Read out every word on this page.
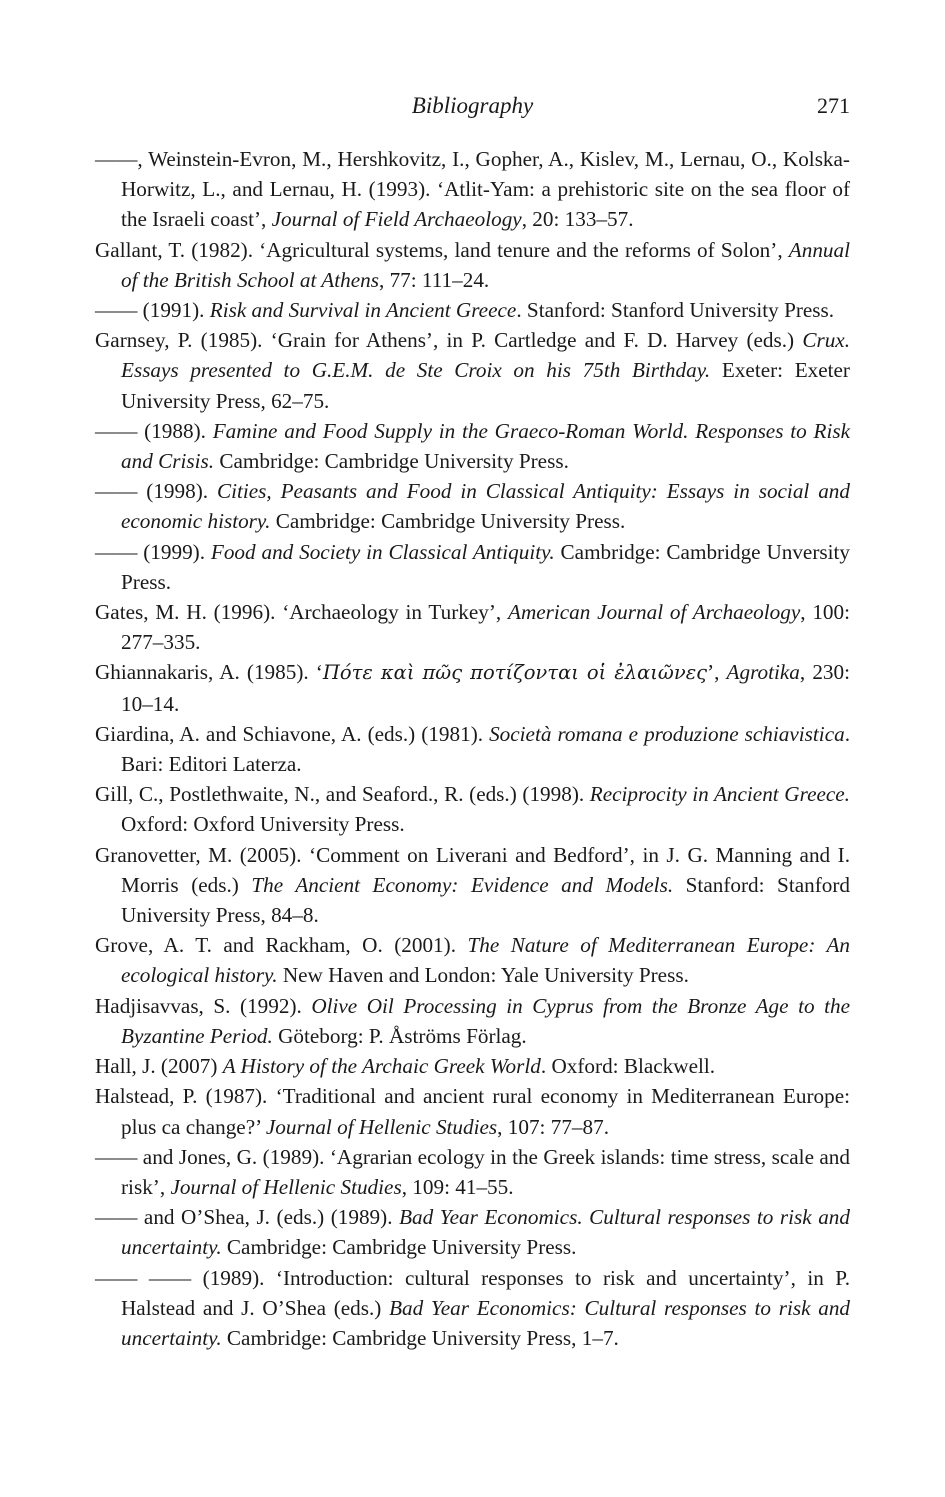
Bibliography	271

——, Weinstein-Evron, M., Hershkovitz, I., Gopher, A., Kislev, M., Lernau, O., Kolska-Horwitz, L., and Lernau, H. (1993). ‘Atlit-Yam: a prehistoric site on the sea floor of the Israeli coast’, Journal of Field Archaeology, 20: 133–57.

Gallant, T. (1982). ‘Agricultural systems, land tenure and the reforms of Solon’, Annual of the British School at Athens, 77: 111–24.

—— (1991). Risk and Survival in Ancient Greece. Stanford: Stanford University Press.

Garnsey, P. (1985). ‘Grain for Athens’, in P. Cartledge and F. D. Harvey (eds.) Crux. Essays presented to G.E.M. de Ste Croix on his 75th Birthday. Exeter: Exeter University Press, 62–75.

—— (1988). Famine and Food Supply in the Graeco-Roman World. Responses to Risk and Crisis. Cambridge: Cambridge University Press.

—— (1998). Cities, Peasants and Food in Classical Antiquity: Essays in social and economic history. Cambridge: Cambridge University Press.

—— (1999). Food and Society in Classical Antiquity. Cambridge: Cambridge Unversity Press.

Gates, M. H. (1996). ‘Archaeology in Turkey’, American Journal of Archaeology, 100: 277–335.

Ghiannakaris, A. (1985). ‘Πότε καὶ πῶς ποτίζονται οἱ ἐλαιῶνες’, Agrotika, 230: 10–14.

Giardina, A. and Schiavone, A. (eds.) (1981). Società romana e produzione schiavistica. Bari: Editori Laterza.

Gill, C., Postlethwaite, N., and Seaford., R. (eds.) (1998). Reciprocity in Ancient Greece. Oxford: Oxford University Press.

Granovetter, M. (2005). ‘Comment on Liverani and Bedford’, in J. G. Manning and I. Morris (eds.) The Ancient Economy: Evidence and Models. Stanford: Stanford University Press, 84–8.

Grove, A. T. and Rackham, O. (2001). The Nature of Mediterranean Europe: An ecological history. New Haven and London: Yale University Press.

Hadjisavvas, S. (1992). Olive Oil Processing in Cyprus from the Bronze Age to the Byzantine Period. Göteborg: P. Åströms Förlag.

Hall, J. (2007) A History of the Archaic Greek World. Oxford: Blackwell.

Halstead, P. (1987). ‘Traditional and ancient rural economy in Mediterranean Europe: plus ca change?’ Journal of Hellenic Studies, 107: 77–87.

—— and Jones, G. (1989). ‘Agrarian ecology in the Greek islands: time stress, scale and risk’, Journal of Hellenic Studies, 109: 41–55.

—— and O’Shea, J. (eds.) (1989). Bad Year Economics. Cultural responses to risk and uncertainty. Cambridge: Cambridge University Press.

—— —— (1989). ‘Introduction: cultural responses to risk and uncertainty’, in P. Halstead and J. O’Shea (eds.) Bad Year Economics: Cultural responses to risk and uncertainty. Cambridge: Cambridge University Press, 1–7.
